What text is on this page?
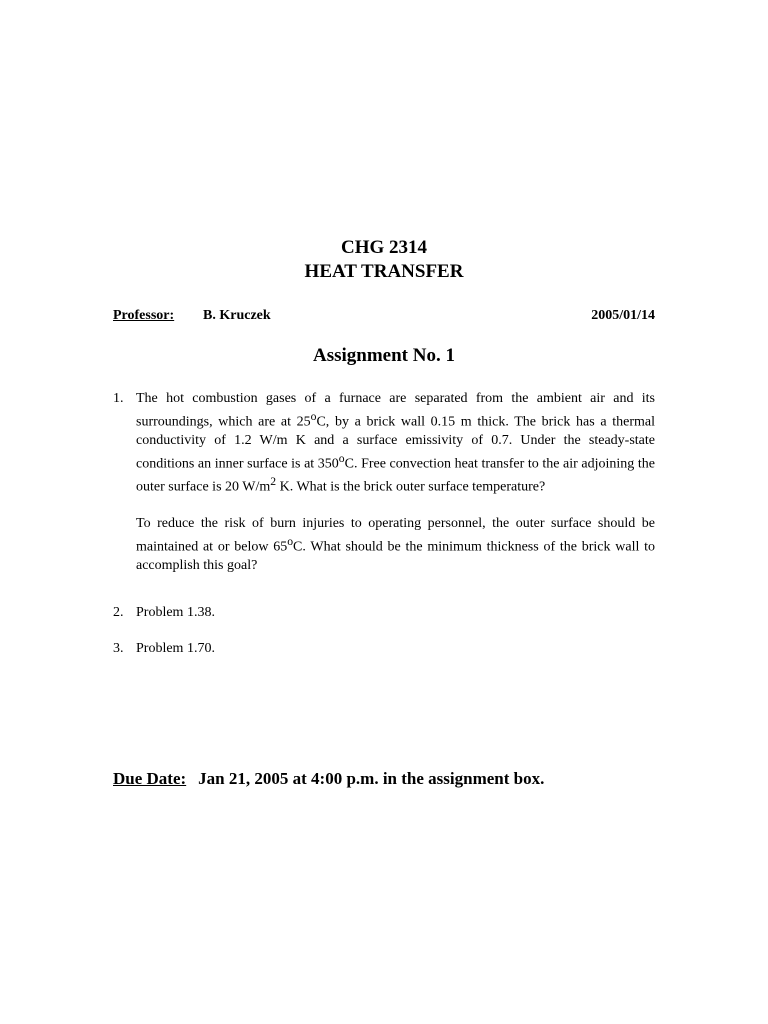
CHG 2314
HEAT TRANSFER
Professor: B. Kruczek	2005/01/14
Assignment No. 1
1. The hot combustion gases of a furnace are separated from the ambient air and its surroundings, which are at 25$^o$C, by a brick wall 0.15 m thick. The brick has a thermal conductivity of 1.2 W/m K and a surface emissivity of 0.7. Under the steady-state conditions an inner surface is at 350$^o$C. Free convection heat transfer to the air adjoining the outer surface is 20 $W/m^2$ K. What is the brick outer surface temperature?

To reduce the risk of burn injuries to operating personnel, the outer surface should be maintained at or below 65$^o$C. What should be the minimum thickness of the brick wall to accomplish this goal?

2. Problem 1.38.
3. Problem 1.70.
Due Date: Jan 21, 2005 at 4:00 p.m. in the assignment box.
